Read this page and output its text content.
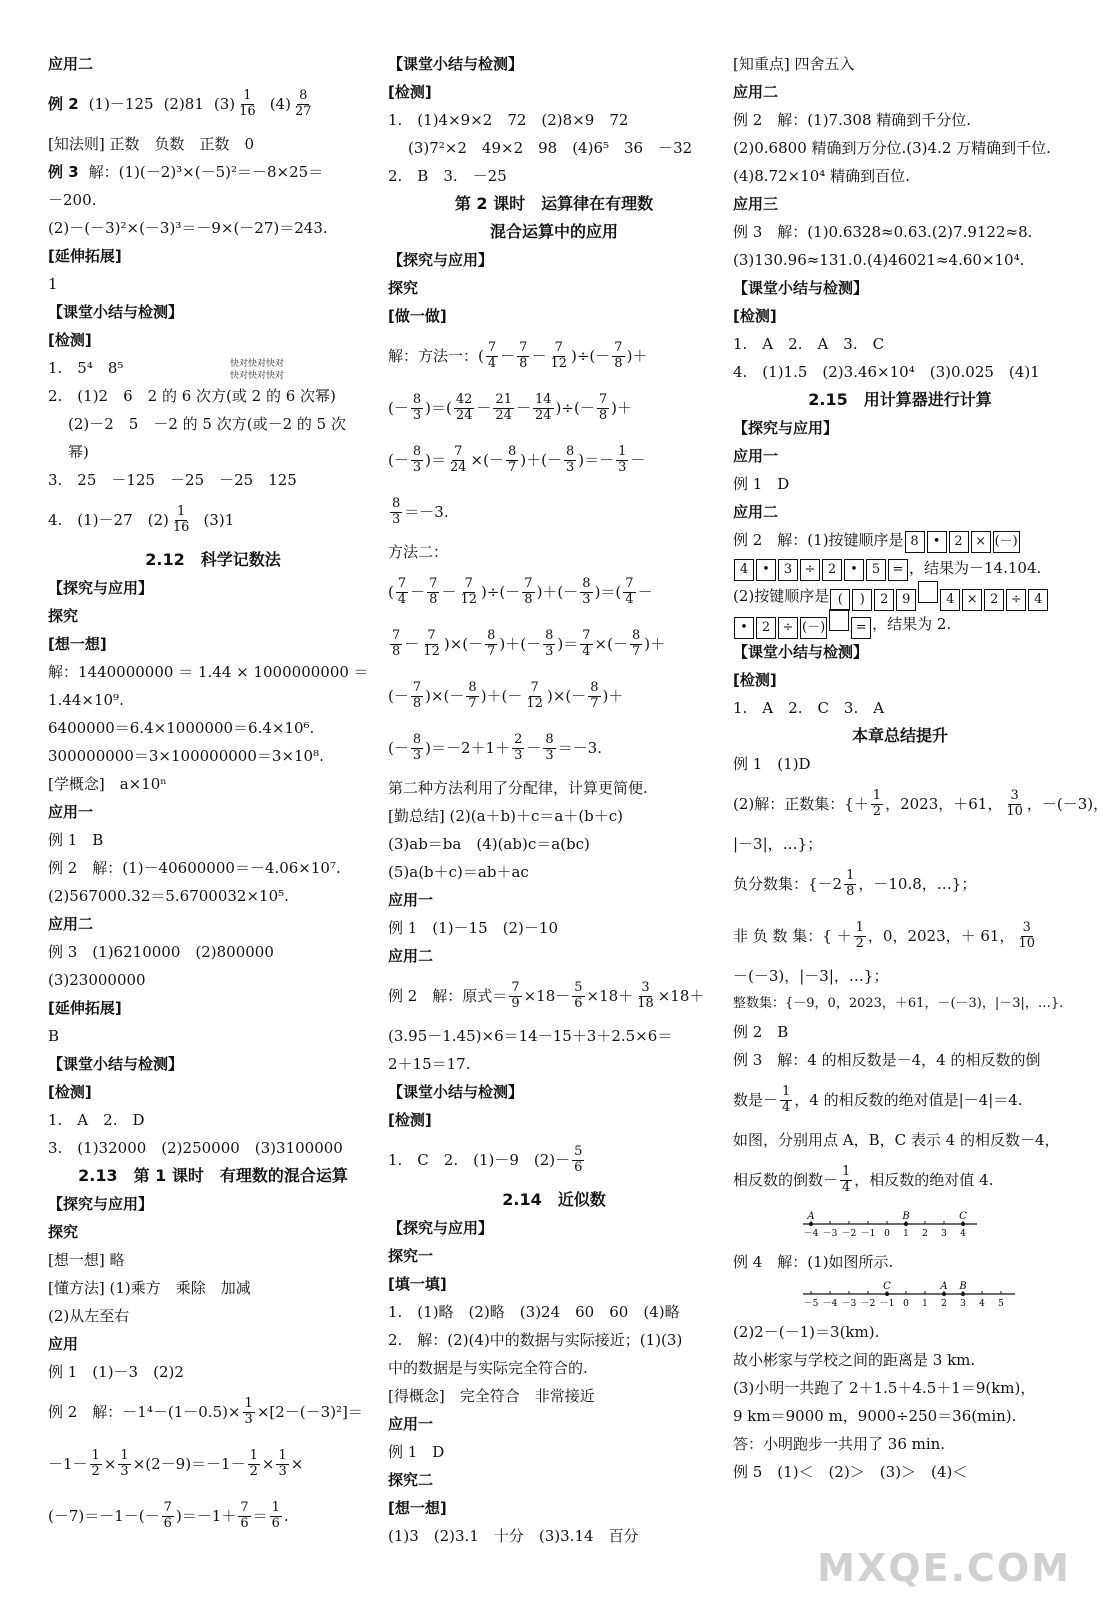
应用二
例 2 (1)－125 (2)81 $(3) \frac{1}{16} (4) \frac{8}{27}$
[知法则] 正数　负数　正数　0
例 3 解：(1)(－2)³×(－5)²＝－8×25＝
－200.
(2)－(－3)²×(－3)³＝－9×(－27)＝243.
[延伸拓展]
1
【课堂小结与检测】
[检测]
1.　5⁴　8⁵
2.　(1)2　6　2 的 6 次方(或 2 的 6 次幂)
(2)－2　5　－2 的 5 次方(或－2 的 5 次
幂)
3.　25　－125　－25　－25　125
4.　(1)－27　$(2) \frac{1}{16} (3)1$
2.12　科学记数法
【探究与应用】
探究
[想一想]
解：1440000000 ＝ 1.44 × 1000000000 ＝
1.44×10⁹.
6400000＝6.4×1000000＝6.4×10⁶.
300000000＝3×100000000＝3×10⁸.
[学概念]　a×10ⁿ
应用一
例 1　B
例 2　解：(1)－40600000＝－4.06×10⁷.
(2)567000.32＝5.6700032×10⁵.
应用二
例 3　(1)6210000　(2)800000
(3)23000000
[延伸拓展]
B
【课堂小结与检测】
[检测]
1.　A　2.　D
3.　(1)32000　(2)250000　(3)3100000
2.13　第 1 课时　有理数的混合运算
【探究与应用】
探究
[想一想] 略
[懂方法] (1)乘方　乘除　加减
(2)从左至右
应用
例 1　(1)－3　(2)2
例 2　解：$-1^4-(1-0.5)\times \frac{1}{3} \times[2-(-3)^2]=$
$-1- \frac{1}{2} \times \frac{1}{3} \times(2-9)=-1- \frac{1}{2} \times \frac{1}{3}$ ×
$(-7)=-1-(- \frac{7}{6} )=-1+ \frac{7}{6} = \frac{1}{6}$ .
快对快对快对
快对快对快对
【课堂小结与检测】
[检测]
1.　(1)4×9×2　72　(2)8×9　72
(3)7²×2　49×2　98　(4)6⁵　36　－32
2.　B　3.　－25
第 2 课时　运算律在有理数
混合运算中的应用
【探究与应用】
探究
[做一做]
解：方法一：( $\frac{7}{4} - \frac{7}{8} - \frac{7}{12}$ ) ÷(－ $\frac{7}{8}$ )＋
(－ $\frac{8}{3}$ )＝( $\frac{42}{24} - \frac{21}{24} - \frac{14}{24}$ )÷(－ $\frac{7}{8}$ )＋
(－ $\frac{8}{3}$ )＝ $\frac{7}{24}$ ×(－ $\frac{8}{7}$ )＋(－ $\frac{8}{3}$ )＝－ $\frac{1}{3}$ －
$\frac{8}{3} =-3$.
方法二：
( $\frac{7}{4} - \frac{7}{8} - \frac{7}{12}$ )÷(－ $\frac{7}{8}$ )＋(－ $\frac{8}{3}$ )＝( $\frac{7}{4}$ －
$\frac{7}{8} - \frac{7}{12}$ )×(－ $\frac{8}{7}$ )＋(－ $\frac{8}{3}$ )＝ $\frac{7}{4}$ ×(－ $\frac{8}{7}$ )＋
(－ $\frac{7}{8}$ )×(－ $\frac{8}{7}$ )＋(－ $\frac{7}{12}$ )×(－ $\frac{8}{7}$ )＋
(－ $\frac{8}{3} )=-2+1+ \frac{2}{3} - \frac{8}{3} =-3$.
第二种方法利用了分配律，计算更简便.
[勤总结] (2)(a＋b)＋c＝a＋(b＋c)
(3)ab＝ba　(4)(ab)c＝a(bc)
(5)a(b＋c)＝ab＋ac
应用一
例 1　(1)－15　(2)－10
应用二
例 2　解：原式＝ $\frac{7}{9} \times 18- \frac{5}{6} \times 18+ \frac{3}{18} \times 18+$
(3.95－1.45)×6＝14－15＋3＋2.5×6＝
2＋15＝17.
【课堂小结与检测】
[检测]
1.　C　2.　(1)－9　$(2)- \frac{5}{6}$
2.14　近似数
【探究与应用】
探究一
[填一填]
1.　(1)略　(2)略　(3)24　60　60　(4)略
2.　解：(2)(4)中的数据与实际接近；(1)(3)
中的数据是与实际完全符合的.
[得概念]　完全符合　非常接近
应用一
例 1　D
探究二
[想一想]
(1)3　(2)3.1　十分　(3)3.14　百分
[知重点] 四舍五入
应用二
例 2　解：(1)7.308 精确到千分位.
(2)0.6800 精确到万分位.(3)4.2 万精确到千位.
(4)8.72×10⁴ 精确到百位.
应用三
例 3　解：(1)0.6328≈0.63.(2)7.9122≈8.
(3)130.96≈131.0.(4)46021≈4.60×10⁴.
【课堂小结与检测】
[检测]
1.　A　2.　A　3.　C
4.　(1)1.5　(2)3.46×10⁴　(3)0.025　(4)1
2.15　用计算器进行计算
【探究与应用】
应用一
例 1　D
应用二
例 2　解：(1)按键顺序是 8 • 2 × (－)
4 • 3 ÷ 2 • 5 = ，结果为－14.104.
(2)按键顺序是 ( ) 2 9	4 × 2 ÷ 4
• 2 ÷ (－) = ，结果为 2.
【课堂小结与检测】
[检测]
1.　A　2.　C　3.　A
本章总结提升
例 1　(1)D
(2)解：正数集：{＋ $\frac{1}{2}$ ，2023，＋61， $\frac{3}{10}$ ，－(－3)，
|－3|，…}；
负分数集：{$-2 \frac{1}{8}$ ，－10.8，…}；
非 负 数 集：{ ＋ $\frac{1}{2}$ ，0，2023，＋ 61， $\frac{3}{10}$
－(－3)，|－3|，…}；
整数集：{－9，0，2023，＋61，－(－3)，|－3|，…}.
例 2　B
例 3　解：4 的相反数是－4，4 的相反数的倒
数是－ $\frac{1}{4}$ ，4 的相反数的绝对值是|－4|＝4.
如图，分别用点 A，B，C 表示 4 的相反数－4，
相反数的倒数－ $\frac{1}{4}$ ，相反数的绝对值 4.
－4 －3 －2 －1 0 1 2 3 4
A	B	C
例 4　解：(1)如图所示.
－5 －4 －3 －2 －1 0 1 2 3 4 5
C	A B
(2)2－(－1)＝3(km).
故小彬家与学校之间的距离是 3 km.
(3)小明一共跑了 2＋1.5＋4.5＋1＝9(km)，
9 km＝9000 m，9000÷250＝36(min).
答：小明跑步一共用了 36 min.
例 5　(1)＜　(2)＞　(3)＞　(4)＜
MXQE.COM
